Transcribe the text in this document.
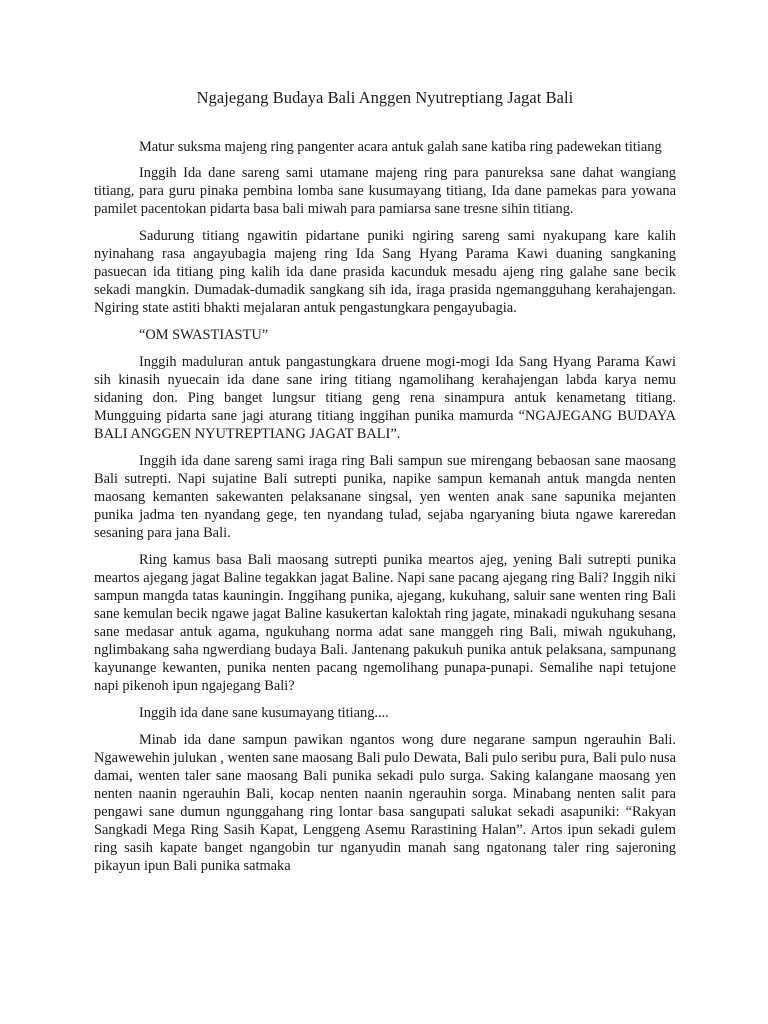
Ngajegang Budaya Bali Anggen Nyutreptiang Jagat Bali

Matur suksma majeng ring pangenter acara antuk galah sane katiba ring padewekan titiang

Inggih Ida dane sareng sami utamane majeng ring para panureksa sane dahat wangiang titiang, para guru pinaka pembina lomba sane kusumayang titiang, Ida dane pamekas para yowana pamilet pacentokan pidarta basa bali miwah para pamiarsa sane tresne sihin titiang.

Sadurung titiang ngawitin pidartane puniki ngiring sareng sami nyakupang kare kalih nyinahang rasa angayubagia majeng ring Ida Sang Hyang Parama Kawi duaning sangkaning pasuecan ida titiang ping kalih ida dane prasida kacunduk mesadu ajeng ring galahe sane becik sekadi mangkin. Dumadak-dumadik sangkang sih ida, iraga prasida ngemangguhang kerahajengan. Ngiring state astiti bhakti mejalaran antuk pengastungkara pengayubagia.

“OM SWASTIASTU”

Inggih maduluran antuk pangastungkara druene mogi-mogi Ida Sang Hyang Parama Kawi sih kinasih nyuecain ida dane sane iring titiang ngamolihang kerahajengan labda karya nemu sidaning don. Ping banget lungsur titiang geng rena sinampura antuk kenametang titiang. Mungguing pidarta sane jagi aturang titiang inggihan punika mamurda “NGAJEGANG BUDAYA BALI ANGGEN NYUTREPTIANG JAGAT BALI”.

Inggih ida dane sareng sami iraga ring Bali sampun sue mirengang bebaosan sane maosang Bali sutrepti. Napi sujatine Bali sutrepti punika, napike sampun kemanah antuk mangda nenten maosang kemanten sakewanten pelaksanane singsal, yen wenten anak sane sapunika mejanten punika jadma ten nyandang gege, ten nyandang tulad, sejaba ngaryaning biuta ngawe kareredan sesaning para jana Bali.

Ring kamus basa Bali maosang sutrepti punika meartos ajeg, yening Bali sutrepti punika meartos ajegang jagat Baline tegakkan jagat Baline. Napi sane pacang ajegang ring Bali? Inggih niki sampun mangda tatas kauningin. Inggihang punika, ajegang, kukuhang, saluir sane wenten ring Bali sane kemulan becik ngawe jagat Baline kasukertan kaloktah ring jagate, minakadi ngukuhang sesana sane medasar antuk agama, ngukuhang norma adat sane manggeh ring Bali, miwah ngukuhang, nglimbakang saha ngwerdiang budaya Bali. Jantenang pakukuh punika antuk pelaksana, sampunang kayunange kewanten, punika nenten pacang ngemolihang punapa-punapi. Semalihe napi tetujone napi pikenoh ipun ngajegang Bali?

Inggih ida dane sane kusumayang titiang....

Minab ida dane sampun pawikan ngantos wong dure negarane sampun ngerauhin Bali. Ngawewehin julukan , wenten sane maosang Bali pulo Dewata, Bali pulo seribu pura, Bali pulo nusa damai, wenten taler sane maosang Bali punika sekadi pulo surga. Saking kalangane maosang yen nenten naanin ngerauhin Bali, kocap nenten naanin ngerauhin sorga. Minabang nenten salit para pengawi sane dumun ngunggahang ring lontar basa sangupati salukat sekadi asapuniki: “Rakyan Sangkadi Mega Ring Sasih Kapat, Lenggeng Asemu Rarastining Halan”. Artos ipun sekadi gulem ring sasih kapate banget ngangobin tur nganyudin manah sang ngatonang taler ring sajeroning pikayun ipun Bali punika satmaka
